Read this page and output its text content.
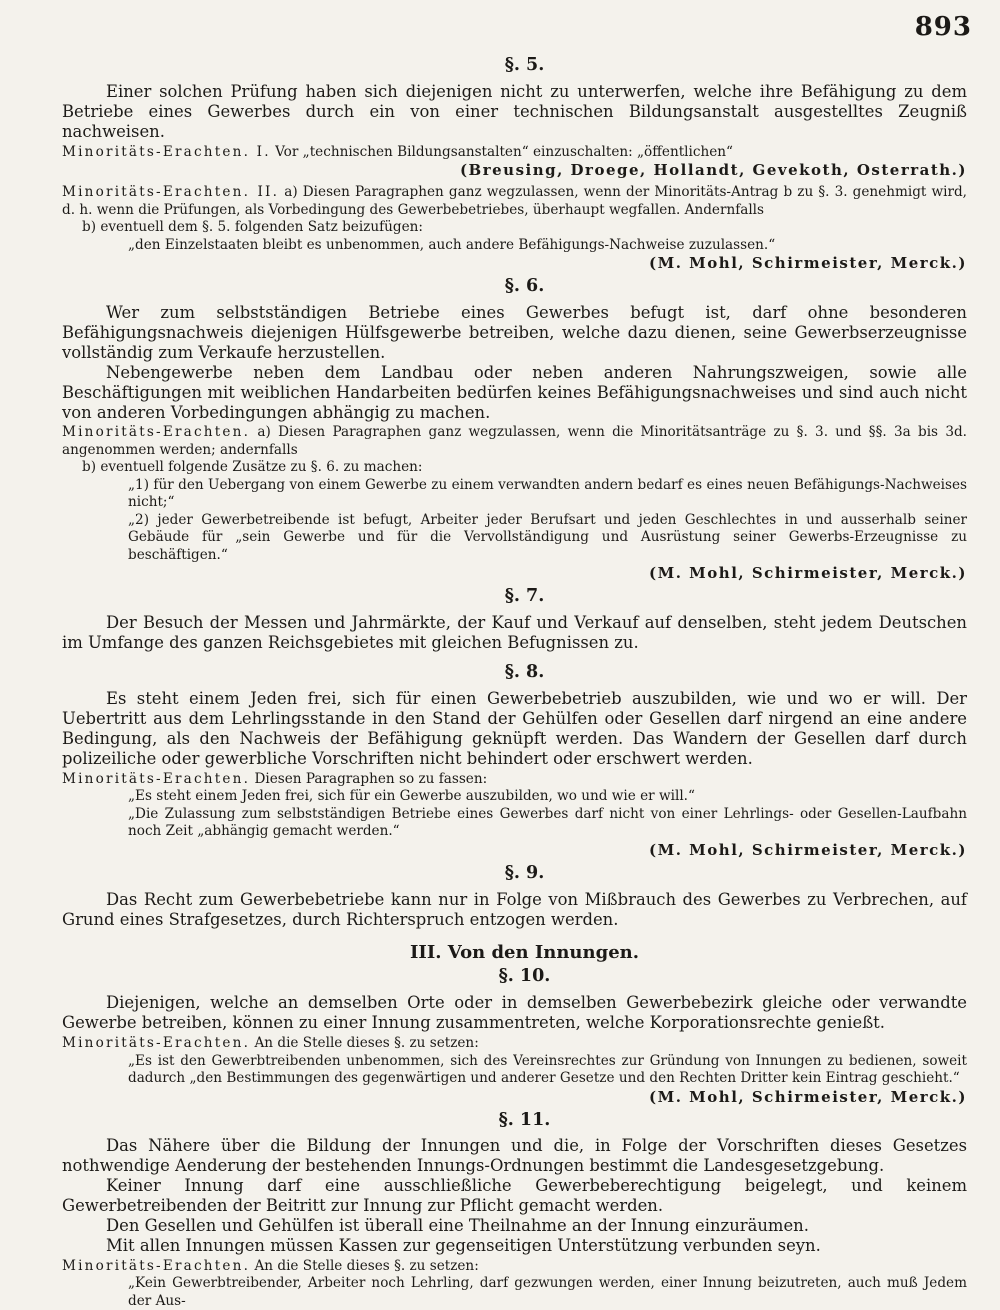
893
§. 5.

Einer solchen Prüfung haben sich diejenigen nicht zu unterwerfen, welche ihre Befähigung zu dem Betriebe eines Gewerbes durch ein von einer technischen Bildungsanstalt ausgestelltes Zeugniß nachweisen.

Minoritäts-Erachten. I. Vor „technischen Bildungsanstalten“ einzuschalten: „öffentlichen“
(Breusing, Droege, Hollandt, Gevekoth, Osterrath.)
Minoritäts-Erachten. II. a) Diesen Paragraphen ganz wegzulassen, wenn der Minoritäts-Antrag b zu §. 3. genehmigt wird, d. h. wenn die Prüfungen, als Vorbedingung des Gewerbebetriebes, überhaupt wegfallen. Andernfalls
b) eventuell dem §. 5. folgenden Satz beizufügen:
„den Einzelstaaten bleibt es unbenommen, auch andere Befähigungs-Nachweise zuzulassen.“
(M. Mohl, Schirmeister, Merck.)
§. 6.

Wer zum selbstständigen Betriebe eines Gewerbes befugt ist, darf ohne besonderen Befähigungsnachweis diejenigen Hülfsgewerbe betreiben, welche dazu dienen, seine Gewerbserzeugnisse vollständig zum Verkaufe herzustellen.

Nebengewerbe neben dem Landbau oder neben anderen Nahrungszweigen, sowie alle Beschäftigungen mit weiblichen Handarbeiten bedürfen keines Befähigungsnachweises und sind auch nicht von anderen Vorbedingungen abhängig zu machen.

Minoritäts-Erachten. a) Diesen Paragraphen ganz wegzulassen, wenn die Minoritätsanträge zu §. 3. und §§. 3a bis 3d. angenommen werden; andernfalls
b) eventuell folgende Zusätze zu §. 6. zu machen:
„1) für den Uebergang von einem Gewerbe zu einem verwandten andern bedarf es eines neuen Befähigungs-Nachweises nicht;“
„2) jeder Gewerbetreibende ist befugt, Arbeiter jeder Berufsart und jeden Geschlechtes in und ausserhalb seiner Gebäude für „sein Gewerbe und für die Vervollständigung und Ausrüstung seiner Gewerbs-Erzeugnisse zu beschäftigen.“
(M. Mohl, Schirmeister, Merck.)
§. 7.

Der Besuch der Messen und Jahrmärkte, der Kauf und Verkauf auf denselben, steht jedem Deutschen im Umfange des ganzen Reichsgebietes mit gleichen Befugnissen zu.

§. 8.

Es steht einem Jeden frei, sich für einen Gewerbebetrieb auszubilden, wie und wo er will. Der Uebertritt aus dem Lehrlingsstande in den Stand der Gehülfen oder Gesellen darf nirgend an eine andere Bedingung, als den Nachweis der Befähigung geknüpft werden. Das Wandern der Gesellen darf durch polizeiliche oder gewerbliche Vorschriften nicht behindert oder erschwert werden.

Minoritäts-Erachten. Diesen Paragraphen so zu fassen:
„Es steht einem Jeden frei, sich für ein Gewerbe auszubilden, wo und wie er will.“
„Die Zulassung zum selbstständigen Betriebe eines Gewerbes darf nicht von einer Lehrlings- oder Gesellen-Laufbahn noch Zeit „abhängig gemacht werden.“
(M. Mohl, Schirmeister, Merck.)
§. 9.

Das Recht zum Gewerbebetriebe kann nur in Folge von Mißbrauch des Gewerbes zu Verbrechen, auf Grund eines Strafgesetzes, durch Richterspruch entzogen werden.

III. Von den Innungen.
§. 10.

Diejenigen, welche an demselben Orte oder in demselben Gewerbebezirk gleiche oder verwandte Gewerbe betreiben, können zu einer Innung zusammentreten, welche Korporationsrechte genießt.

Minoritäts-Erachten. An die Stelle dieses §. zu setzen:
„Es ist den Gewerbtreibenden unbenommen, sich des Vereinsrechtes zur Gründung von Innungen zu bedienen, soweit dadurch „den Bestimmungen des gegenwärtigen und anderer Gesetze und den Rechten Dritter kein Eintrag geschieht.“
(M. Mohl, Schirmeister, Merck.)
§. 11.

Das Nähere über die Bildung der Innungen und die, in Folge der Vorschriften dieses Gesetzes nothwendige Aenderung der bestehenden Innungs-Ordnungen bestimmt die Landesgesetzgebung.

Keiner Innung darf eine ausschließliche Gewerbeberechtigung beigelegt, und keinem Gewerbetreibenden der Beitritt zur Innung zur Pflicht gemacht werden.

Den Gesellen und Gehülfen ist überall eine Theilnahme an der Innung einzuräumen.

Mit allen Innungen müssen Kassen zur gegenseitigen Unterstützung verbunden seyn.

Minoritäts-Erachten. An die Stelle dieses §. zu setzen:
„Kein Gewerbtreibender, Arbeiter noch Lehrling, darf gezwungen werden, einer Innung beizutreten, auch muß Jedem der Aus-
